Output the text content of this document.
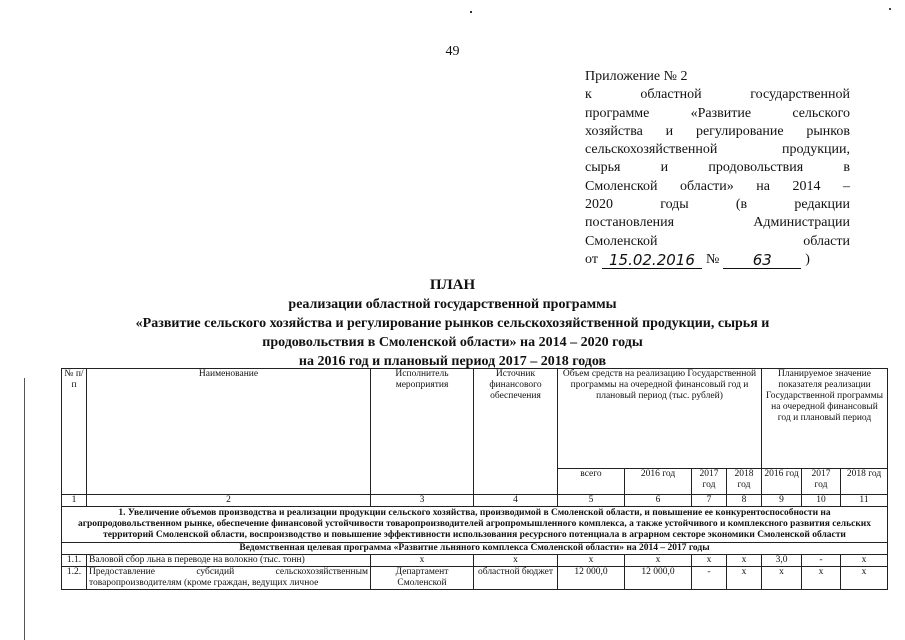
49
Приложение № 2
к областной государственной
программе «Развитие сельского
хозяйства и регулирование рынков
сельскохозяйственной продукции,
сырья и продовольствия в
Смоленской области» на 2014 –
2020 годы (в редакции
постановления Администрации
Смоленской области
от 15.02.2016 №	63	)
ПЛАН
реализации областной государственной программы
«Развитие сельского хозяйства и регулирование рынков сельскохозяйственной продукции, сырья и
продовольствия в Смоленской области» на 2014 – 2020 годы
на 2016 год и плановый период 2017 – 2018 годов
№ п/п	Наименование	Исполнитель мероприятия	Источник финансового обеспечения	Объем средств на реализацию Государственной программы на очередной финансовый год и плановый период (тыс. рублей)				Планируемое значение показателя реализации Государственной программы на очередной финансовый год и плановый период		
				всего	2016 год	2017 год	2018 год	2016 год	2017 год	2018 год
1	2	3	4	5	6	7	8	9	10	11
1. Увеличение объемов производства и реализации продукции сельского хозяйства, производимой в Смоленской области, и повышение ее конкурентоспособности на агропродовольственном рынке, обеспечение финансовой устойчивости товаропроизводителей агропромышленного комплекса, а также устойчивого и комплексного развития сельских территорий Смоленской области, воспроизводство и повышение эффективности использования ресурсного потенциала в аграрном секторе экономики Смоленской области										
Ведомственная целевая программа «Развитие льняного комплекса Смоленской области» на 2014 – 2017 годы										
1.1.	Валовой сбор льна в переводе на волокно (тыс. тонн)	х	х	х	х	х	х	3,0	-	х
1.2.	Предоставление субсидий сельскохозяйственным товаропроизводителям (кроме граждан, ведущих личное	Департамент Смоленской	областной бюджет	12 000,0	12 000,0	-	х	х	х	х
